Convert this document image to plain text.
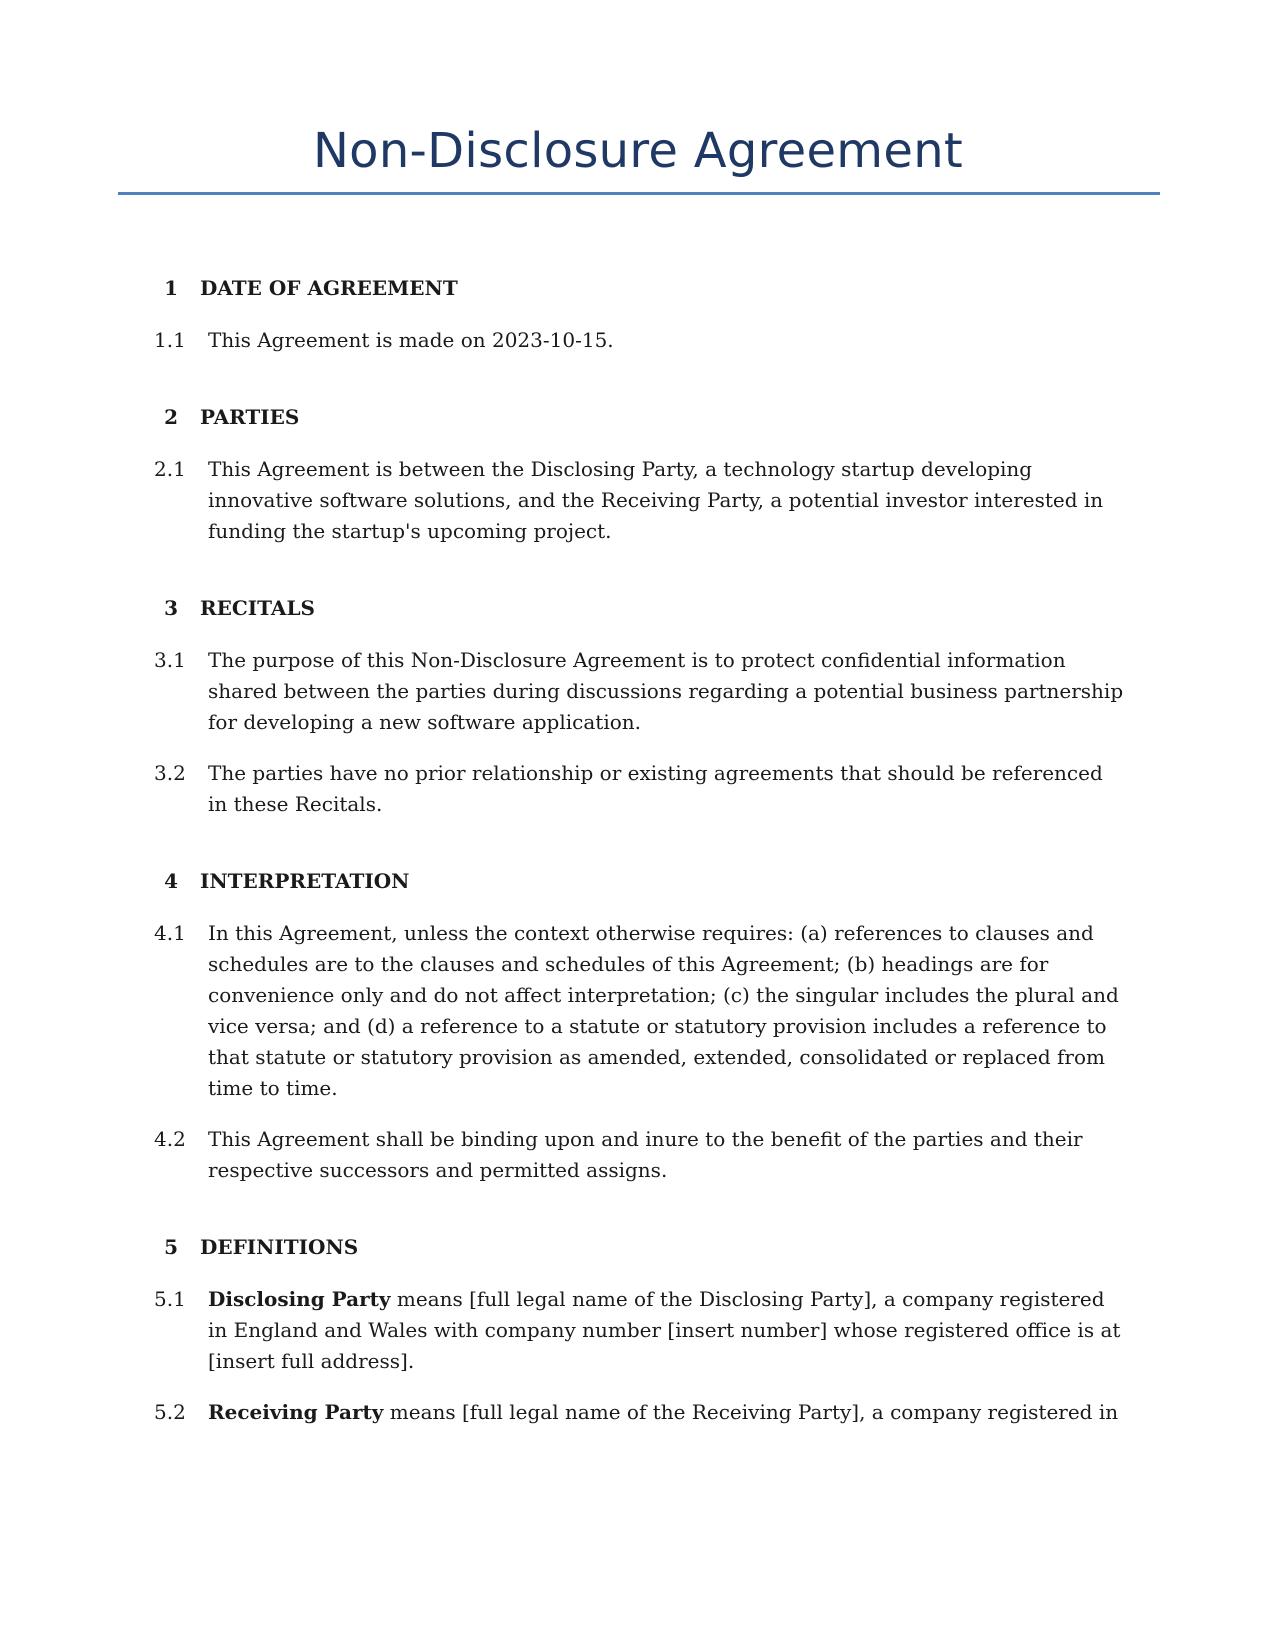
Non-Disclosure Agreement
1	DATE OF AGREEMENT
1.1	This Agreement is made on 2023-10-15.
2	PARTIES
2.1	This Agreement is between the Disclosing Party, a technology startup developing innovative software solutions, and the Receiving Party, a potential investor interested in funding the startup's upcoming project.
3	RECITALS
3.1	The purpose of this Non-Disclosure Agreement is to protect confidential information shared between the parties during discussions regarding a potential business partnership for developing a new software application.
3.2	The parties have no prior relationship or existing agreements that should be referenced in these Recitals.
4	INTERPRETATION
4.1	In this Agreement, unless the context otherwise requires: (a) references to clauses and schedules are to the clauses and schedules of this Agreement; (b) headings are for convenience only and do not affect interpretation; (c) the singular includes the plural and vice versa; and (d) a reference to a statute or statutory provision includes a reference to that statute or statutory provision as amended, extended, consolidated or replaced from time to time.
4.2	This Agreement shall be binding upon and inure to the benefit of the parties and their respective successors and permitted assigns.
5	DEFINITIONS
5.1	Disclosing Party means [full legal name of the Disclosing Party], a company registered in England and Wales with company number [insert number] whose registered office is at [insert full address].
5.2	Receiving Party means [full legal name of the Receiving Party], a company registered in
